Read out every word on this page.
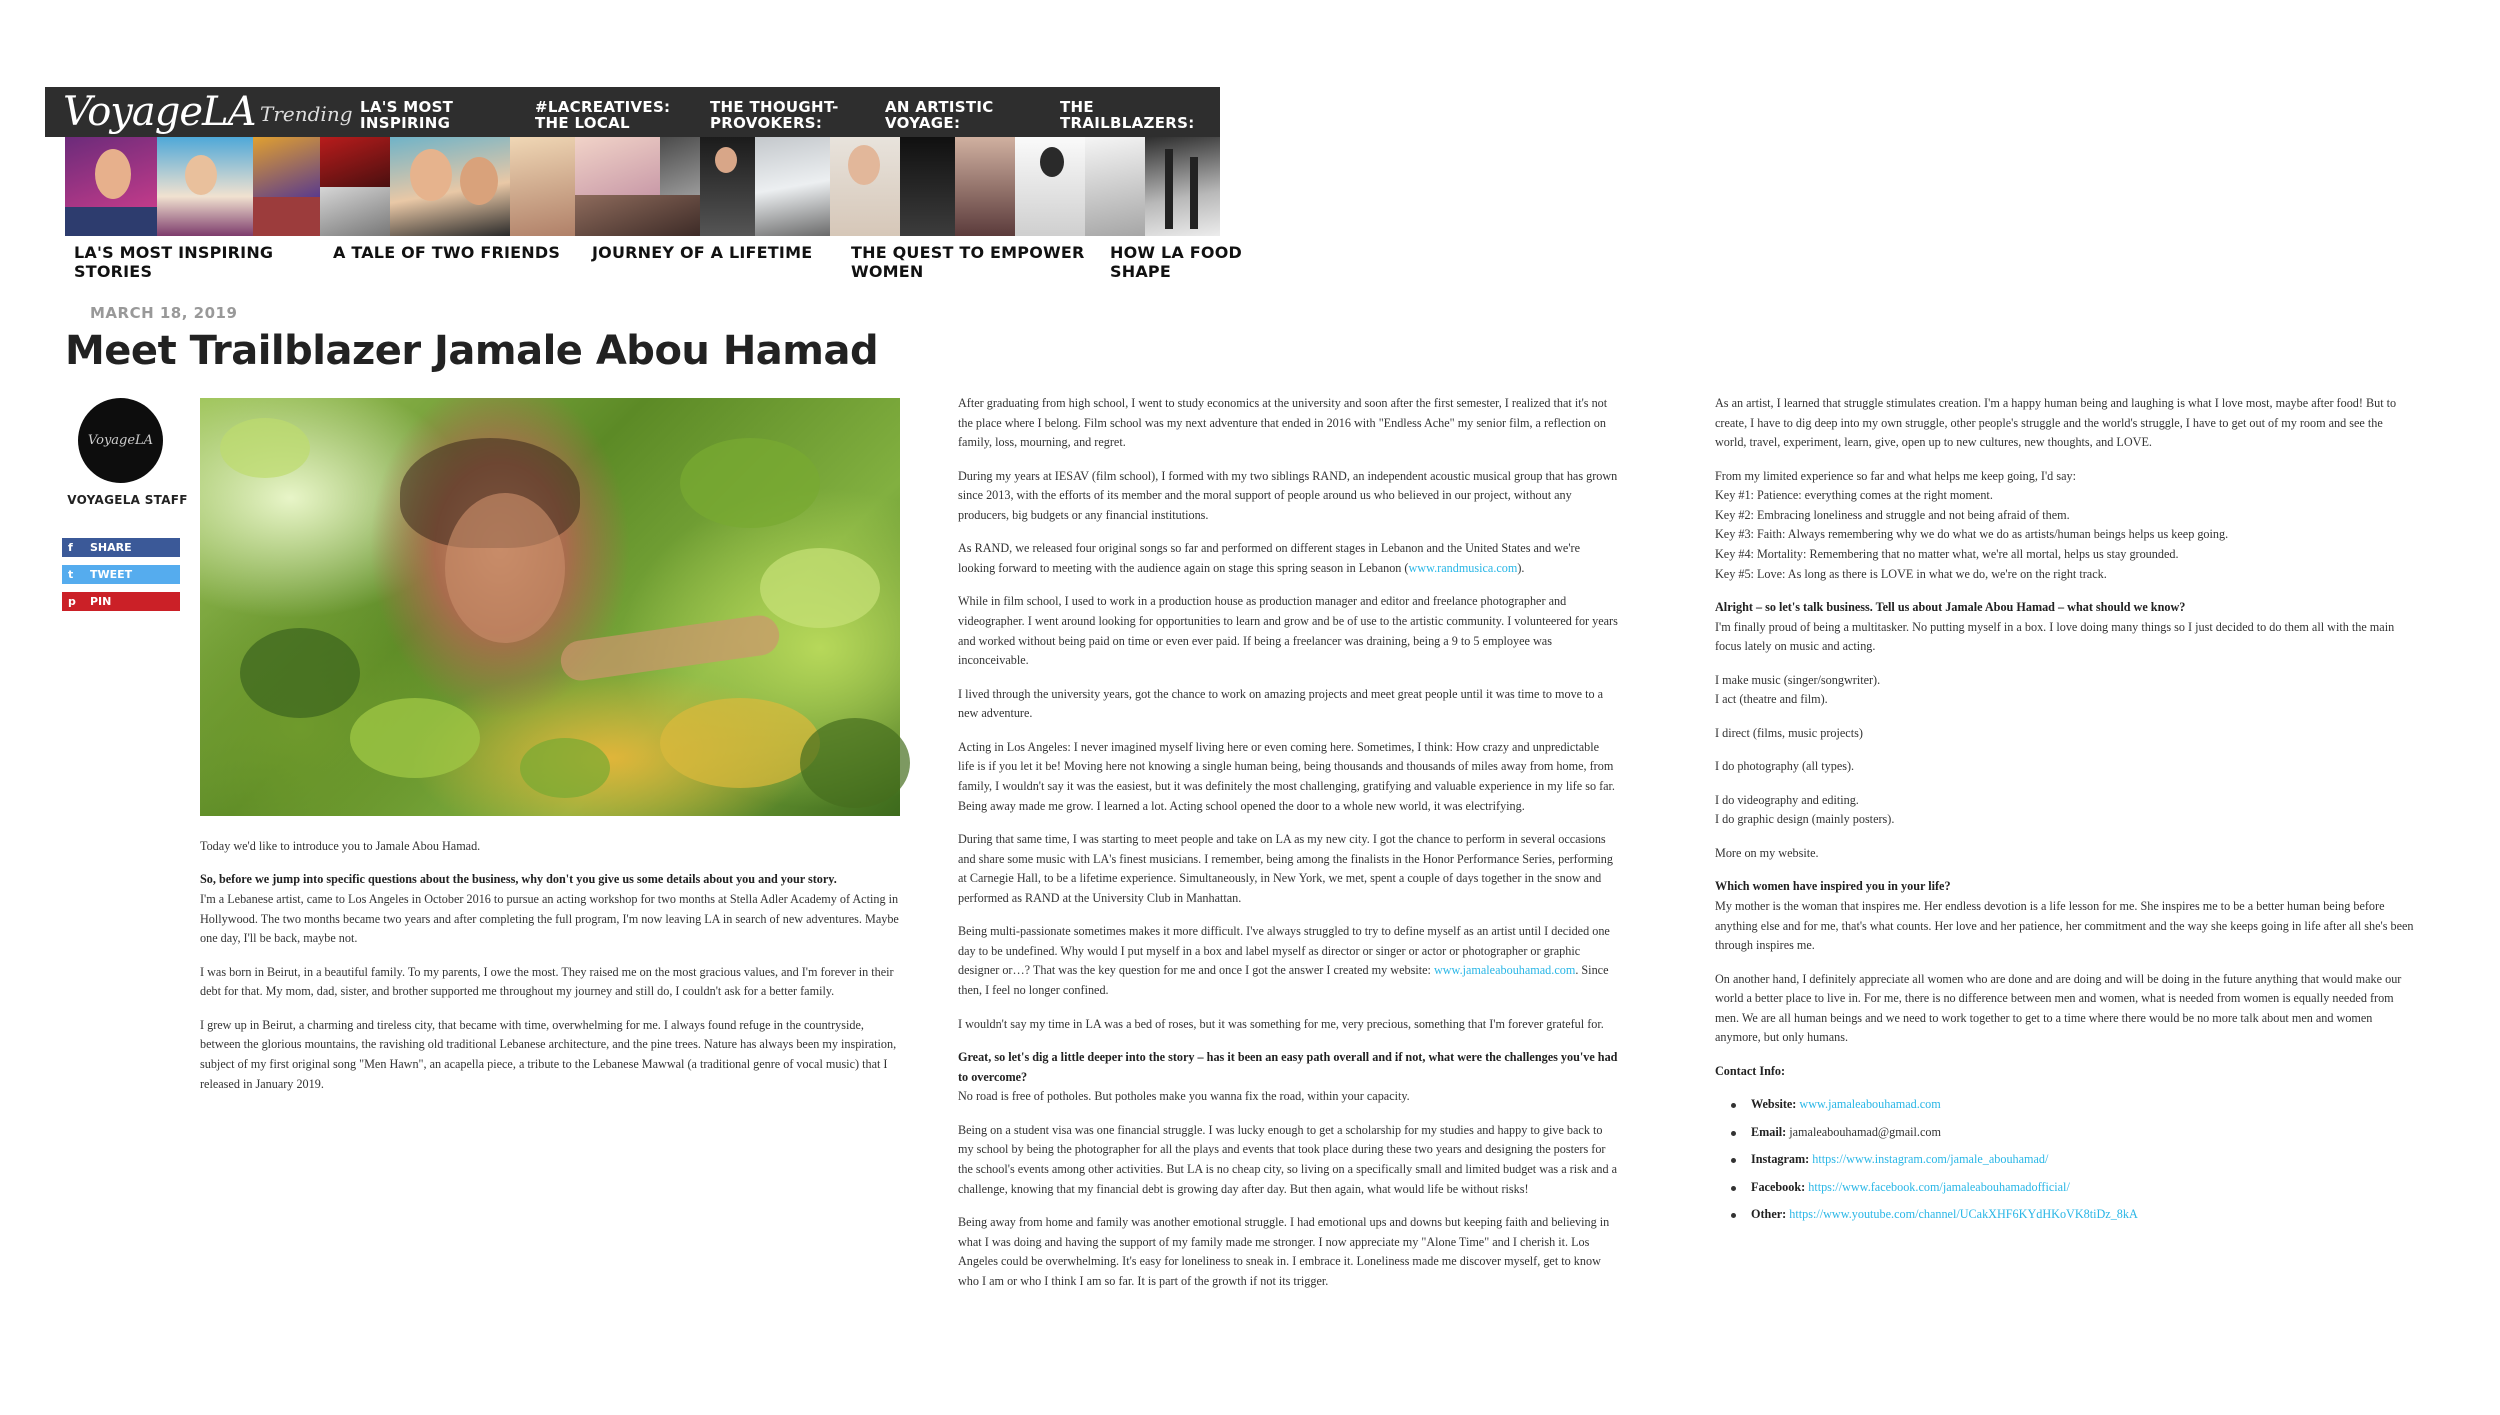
VoyageLA Trending LA'S MOST
INSPIRING
#LACREATIVES:
THE LOCAL
THE THOUGHT-
PROVOKERS:
AN ARTISTIC
VOYAGE:
THE
TRAILBLAZERS:
LA'S MOST INSPIRING
STORIES
A TALE OF TWO FRIENDS JOURNEY OF A LIFETIME THE QUEST TO EMPOWER
WOMEN
HOW LA FOOD
SHAPE
MARCH 18, 2019
Meet Trailblazer Jamale Abou Hamad
VoyageLA
VOYAGELA STAFF
f	SHARE
t	TWEET
p	PIN

Today we'd like to introduce you to Jamale Abou Hamad.

So, before we jump into specific questions about the business, why don't you give us some details about you and your story.

I'm a Lebanese artist, came to Los Angeles in October 2016 to pursue an acting workshop for two months at Stella Adler Academy of Acting in Hollywood. The two months became two years and after completing the full program, I'm now leaving LA in search of new adventures. Maybe one day, I'll be back, maybe not.

I was born in Beirut, in a beautiful family. To my parents, I owe the most. They raised me on the most gracious values, and I'm forever in their debt for that. My mom, dad, sister, and brother supported me throughout my journey and still do, I couldn't ask for a better family.

I grew up in Beirut, a charming and tireless city, that became with time, overwhelming for me. I always found refuge in the countryside, between the glorious mountains, the ravishing old traditional Lebanese architecture, and the pine trees. Nature has always been my inspiration, subject of my first original song "Men Hawn", an acapella piece, a tribute to the Lebanese Mawwal (a traditional genre of vocal music) that I released in January 2019.

After graduating from high school, I went to study economics at the university and soon after the first semester, I realized that it's not the place where I belong. Film school was my next adventure that ended in 2016 with "Endless Ache" my senior film, a reflection on family, loss, mourning, and regret.

During my years at IESAV (film school), I formed with my two siblings RAND, an independent acoustic musical group that has grown since 2013, with the efforts of its member and the moral support of people around us who believed in our project, without any producers, big budgets or any financial institutions.

As RAND, we released four original songs so far and performed on different stages in Lebanon and the United States and we're looking forward to meeting with the audience again on stage this spring season in Lebanon (www.randmusica.com).

While in film school, I used to work in a production house as production manager and editor and freelance photographer and videographer. I went around looking for opportunities to learn and grow and be of use to the artistic community. I volunteered for years and worked without being paid on time or even ever paid. If being a freelancer was draining, being a 9 to 5 employee was inconceivable.

I lived through the university years, got the chance to work on amazing projects and meet great people until it was time to move to a new adventure.

Acting in Los Angeles: I never imagined myself living here or even coming here. Sometimes, I think: How crazy and unpredictable life is if you let it be! Moving here not knowing a single human being, being thousands and thousands of miles away from home, from family, I wouldn't say it was the easiest, but it was definitely the most challenging, gratifying and valuable experience in my life so far. Being away made me grow. I learned a lot. Acting school opened the door to a whole new world, it was electrifying.

During that same time, I was starting to meet people and take on LA as my new city. I got the chance to perform in several occasions and share some music with LA's finest musicians. I remember, being among the finalists in the Honor Performance Series, performing at Carnegie Hall, to be a lifetime experience. Simultaneously, in New York, we met, spent a couple of days together in the snow and performed as RAND at the University Club in Manhattan.

Being multi-passionate sometimes makes it more difficult. I've always struggled to try to define myself as an artist until I decided one day to be undefined. Why would I put myself in a box and label myself as director or singer or actor or photographer or graphic designer or…? That was the key question for me and once I got the answer I created my website: www.jamaleabouhamad.com. Since then, I feel no longer confined.

I wouldn't say my time in LA was a bed of roses, but it was something for me, very precious, something that I'm forever grateful for.

Great, so let's dig a little deeper into the story – has it been an easy path overall and if not, what were the challenges you've had to overcome?

No road is free of potholes. But potholes make you wanna fix the road, within your capacity.

Being on a student visa was one financial struggle. I was lucky enough to get a scholarship for my studies and happy to give back to my school by being the photographer for all the plays and events that took place during these two years and designing the posters for the school's events among other activities. But LA is no cheap city, so living on a specifically small and limited budget was a risk and a challenge, knowing that my financial debt is growing day after day. But then again, what would life be without risks!

Being away from home and family was another emotional struggle. I had emotional ups and downs but keeping faith and believing in what I was doing and having the support of my family made me stronger. I now appreciate my "Alone Time" and I cherish it. Los Angeles could be overwhelming. It's easy for loneliness to sneak in. I embrace it. Loneliness made me discover myself, get to know who I am or who I think I am so far. It is part of the growth if not its trigger.

As an artist, I learned that struggle stimulates creation. I'm a happy human being and laughing is what I love most, maybe after food! But to create, I have to dig deep into my own struggle, other people's struggle and the world's struggle, I have to get out of my room and see the world, travel, experiment, learn, give, open up to new cultures, new thoughts, and LOVE.

From my limited experience so far and what helps me keep going, I'd say:
Key #1: Patience: everything comes at the right moment.
Key #2: Embracing loneliness and struggle and not being afraid of them.
Key #3: Faith: Always remembering why we do what we do as artists/human beings helps us keep going.
Key #4: Mortality: Remembering that no matter what, we're all mortal, helps us stay grounded.
Key #5: Love: As long as there is LOVE in what we do, we're on the right track.

Alright – so let's talk business. Tell us about Jamale Abou Hamad – what should we know?

I'm finally proud of being a multitasker. No putting myself in a box. I love doing many things so I just decided to do them all with the main focus lately on music and acting.

I make music (singer/songwriter).
I act (theatre and film).

I direct (films, music projects)

I do photography (all types).

I do videography and editing.
I do graphic design (mainly posters).

More on my website.

Which women have inspired you in your life?

My mother is the woman that inspires me. Her endless devotion is a life lesson for me. She inspires me to be a better human being before anything else and for me, that's what counts. Her love and her patience, her commitment and the way she keeps going in life after all she's been through inspires me.

On another hand, I definitely appreciate all women who are done and are doing and will be doing in the future anything that would make our world a better place to live in. For me, there is no difference between men and women, what is needed from women is equally needed from men. We are all human beings and we need to work together to get to a time where there would be no more talk about men and women anymore, but only humans.

Contact Info:

Website: www.jamaleabouhamad.com
Email: jamaleabouhamad@gmail.com
Instagram: https://www.instagram.com/jamale_abouhamad/
Facebook: https://www.facebook.com/jamaleabouhamadofficial/
Other: https://www.youtube.com/channel/UCakXHF6KYdHKoVK8tiDz_8kA
